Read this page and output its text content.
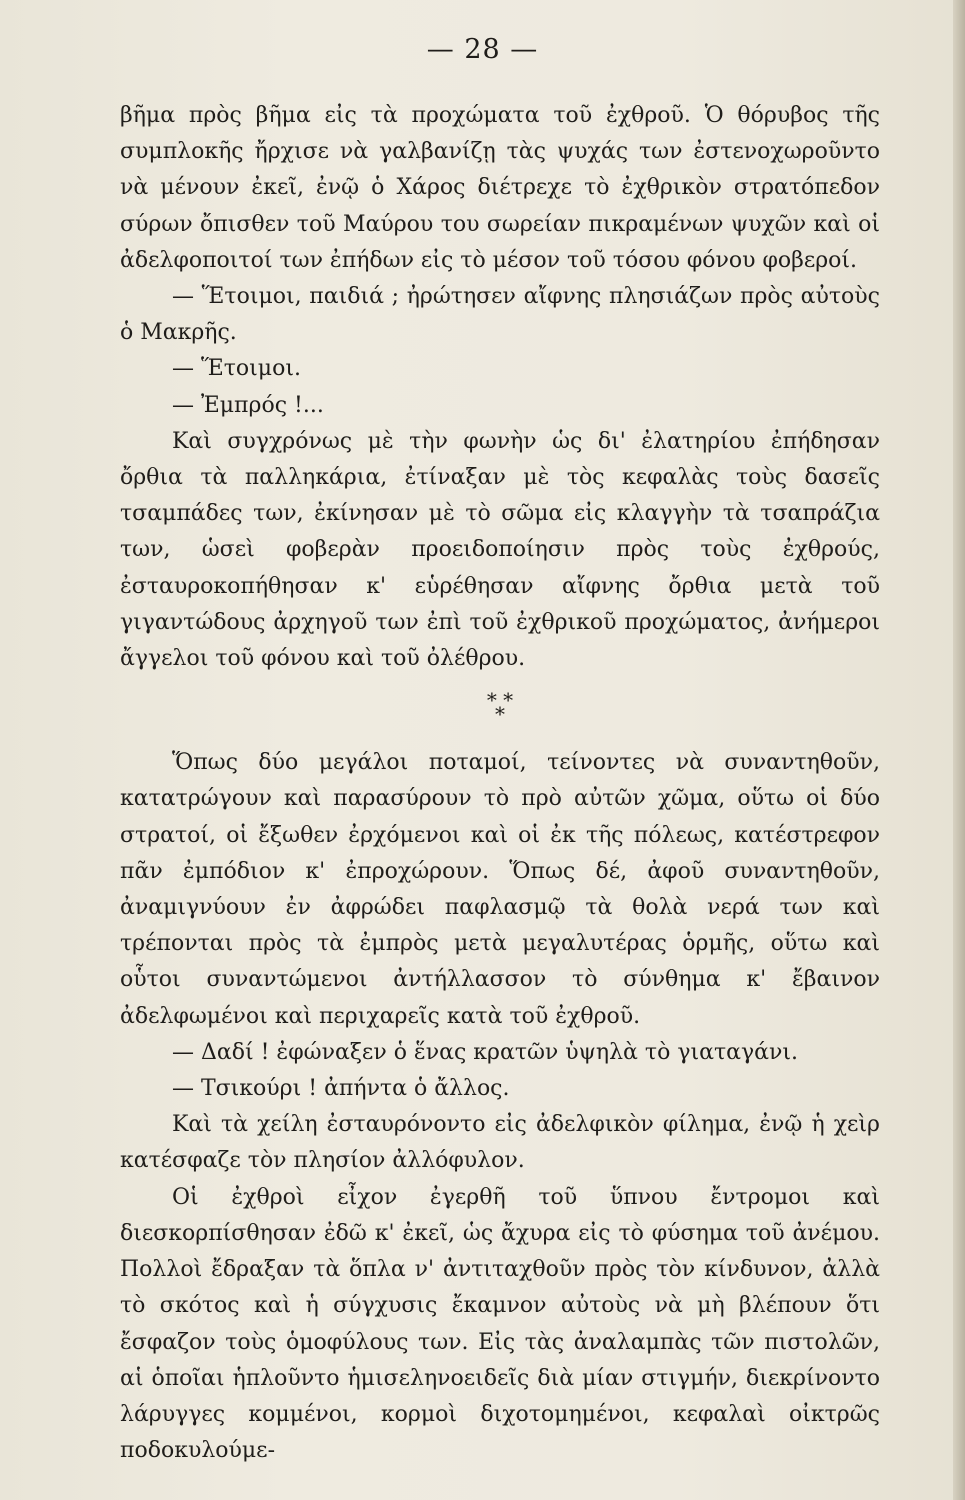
— 28 —

βῆμα πρὸς βῆμα εἰς τὰ προχώματα τοῦ ἐχθροῦ. Ὁ θόρυβος τῆς συμπλοκῆς ἤρχισε νὰ γαλβανίζῃ τὰς ψυχάς των ἐστενοχωροῦντο νὰ μένουν ἐκεῖ, ἐνῷ ὁ Χάρος διέτρεχε τὸ ἐχθρικὸν στρατόπεδον σύρων ὄπισθεν τοῦ Μαύρου του σωρείαν πικραμένων ψυχῶν καὶ οἱ ἀδελφοποιτοί των ἐπήδων εἰς τὸ μέσον τοῦ τόσου φόνου φοβεροί.

— Ἕτοιμοι, παιδιά ; ἠρώτησεν αἴφνης πλησιάζων πρὸς αὐτοὺς ὁ Μακρῆς.

— Ἕτοιμοι.

— Ἐμπρός !...

Καὶ συγχρόνως μὲ τὴν φωνὴν ὡς δι' ἐλατηρίου ἐπήδησαν ὄρθια τὰ παλληκάρια, ἐτίναξαν μὲ τὸς κεφαλὰς τοὺς δασεῖς τσαμπάδες των, ἐκίνησαν μὲ τὸ σῶμα εἰς κλαγγὴν τὰ τσαπράζια των, ὡσεὶ φοβερὰν προειδοποίησιν πρὸς τοὺς ἐχθρούς, ἐσταυροκοπήθησαν κ' εὑρέθησαν αἴφνης ὄρθια μετὰ τοῦ γιγαντώδους ἀρχηγοῦ των ἐπὶ τοῦ ἐχθρικοῦ προχώματος, ἀνήμεροι ἄγγελοι τοῦ φόνου καὶ τοῦ ὀλέθρου.

* *
*

Ὅπως δύο μεγάλοι ποταμοί, τείνοντες νὰ συναντηθοῦν, κατατρώγουν καὶ παρασύρουν τὸ πρὸ αὐτῶν χῶμα, οὕτω οἱ δύο στρατοί, οἱ ἔξωθεν ἐρχόμενοι καὶ οἱ ἐκ τῆς πόλεως, κατέστρεφον πᾶν ἐμπόδιον κ' ἐπροχώρουν. Ὅπως δέ, ἀφοῦ συναντηθοῦν, ἀναμιγνύουν ἐν ἀφρώδει παφλασμῷ τὰ θολὰ νερά των καὶ τρέπονται πρὸς τὰ ἐμπρὸς μετὰ μεγαλυτέρας ὁρμῆς, οὕτω καὶ οὗτοι συναντώμενοι ἀντήλλασσον τὸ σύνθημα κ' ἔβαινον ἀδελφωμένοι καὶ περιχαρεῖς κατὰ τοῦ ἐχθροῦ.

— Δαδί ! ἐφώναξεν ὁ ἕνας κρατῶν ὑψηλὰ τὸ γιαταγάνι.

— Τσικούρι ! ἀπήντα ὁ ἄλλος.

Καὶ τὰ χείλη ἐσταυρόνοντο εἰς ἀδελφικὸν φίλημα, ἐνῷ ἡ χεὶρ κατέσφαζε τὸν πλησίον ἀλλόφυλον.

Οἱ ἐχθροὶ εἶχον ἐγερθῆ τοῦ ὕπνου ἔντρομοι καὶ διεσκορπίσθησαν ἐδῶ κ' ἐκεῖ, ὡς ἄχυρα εἰς τὸ φύσημα τοῦ ἀνέμου. Πολλοὶ ἔδραξαν τὰ ὅπλα ν' ἀντιταχθοῦν πρὸς τὸν κίνδυνον, ἀλλὰ τὸ σκότος καὶ ἡ σύγχυσις ἔκαμνον αὐτοὺς νὰ μὴ βλέπουν ὅτι ἔσφαζον τοὺς ὁμοφύλους των. Εἰς τὰς ἀναλαμπὰς τῶν πιστολῶν, αἱ ὁποῖαι ἡπλοῦντο ἡμισεληνοειδεῖς διὰ μίαν στιγμήν, διεκρίνοντο λάρυγγες κομμένοι, κορμοὶ διχοτομημένοι, κεφαλαὶ οἰκτρῶς ποδοκυλούμε-
